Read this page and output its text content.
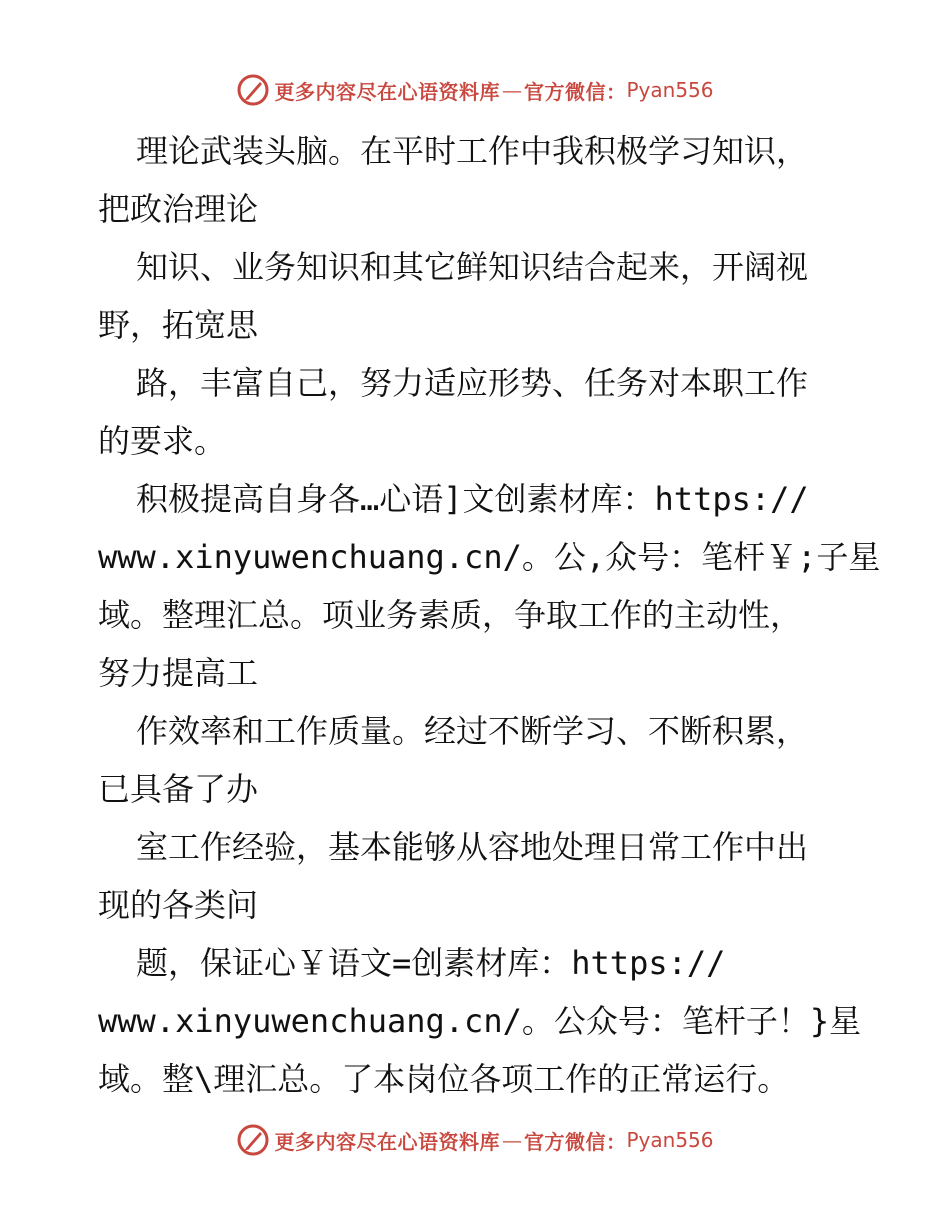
更多内容尽在心语资料库 — 官方微信： Pyan556
理论武装头脑。在平时工作中我积极学习知识，
把政治理论
知识、业务知识和其它鲜知识结合起来，开阔视
野，拓宽思
路，丰富自己，努力适应形势、任务对本职工作
的要求。
积极提高自身各…心语]文创素材库：https://
www.xinyuwenchuang.cn/。公,众号：笔杆￥;子星
域。整理汇总。项业务素质，争取工作的主动性，
努力提高工
作效率和工作质量。经过不断学习、不断积累，
已具备了办
室工作经验，基本能够从容地处理日常工作中出
现的各类问
题，保证心￥语文=创素材库：https://
www.xinyuwenchuang.cn/。公众号：笔杆子！}星
域。整\理汇总。了本岗位各项工作的正常运行。
更多内容尽在心语资料库 — 官方微信： Pyan556
